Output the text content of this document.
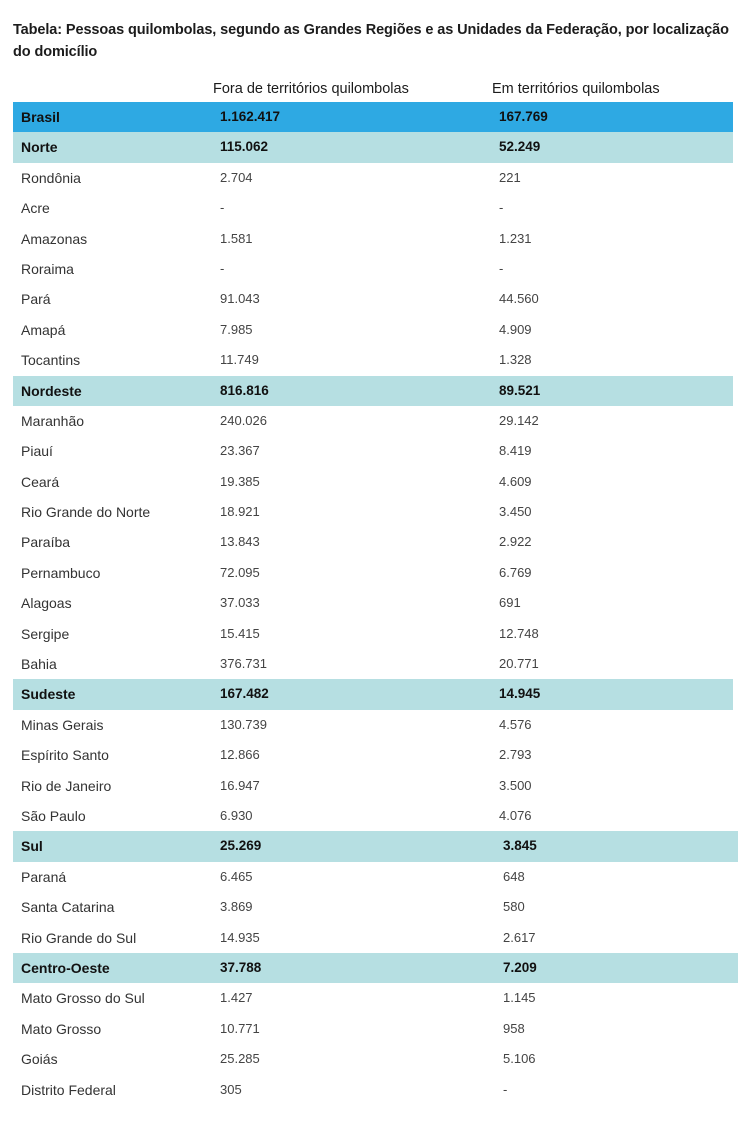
Tabela: Pessoas quilombolas, segundo as Grandes Regiões e as Unidades da Federação, por localização do domicílio
Fora de territórios quilombolas	Em territórios quilombolas
Brasil	1.162.417	167.769
Norte	115.062	52.249
Rondônia	2.704	221
Acre	-	-
Amazonas	1.581	1.231
Roraima	-	-
Pará	91.043	44.560
Amapá	7.985	4.909
Tocantins	11.749	1.328
Nordeste	816.816	89.521
Maranhão	240.026	29.142
Piauí	23.367	8.419
Ceará	19.385	4.609
Rio Grande do Norte	18.921	3.450
Paraíba	13.843	2.922
Pernambuco	72.095	6.769
Alagoas	37.033	691
Sergipe	15.415	12.748
Bahia	376.731	20.771
Sudeste	167.482	14.945
Minas Gerais	130.739	4.576
Espírito Santo	12.866	2.793
Rio de Janeiro	16.947	3.500
São Paulo	6.930	4.076
Sul	25.269	3.845
Paraná	6.465	648
Santa Catarina	3.869	580
Rio Grande do Sul	14.935	2.617
Centro-Oeste	37.788	7.209
Mato Grosso do Sul	1.427	1.145
Mato Grosso	10.771	958
Goiás	25.285	5.106
Distrito Federal	305	-
